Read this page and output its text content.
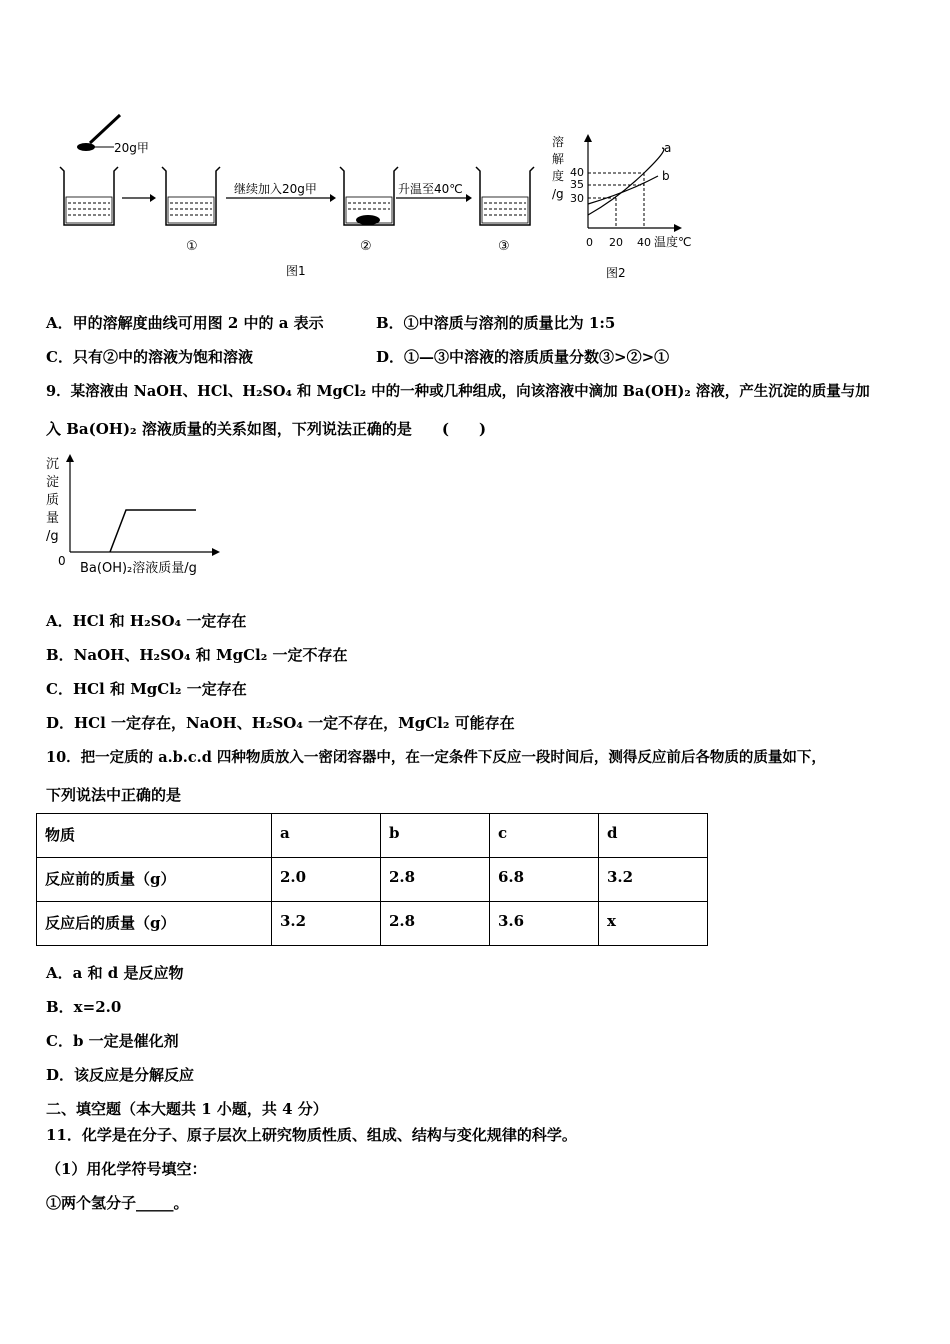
20g甲
①
继续加入20g甲
②
升温至40℃
③
图1
溶
解
度
/g
40
35
30
a
b
0 20 40 温度℃
图2
A．甲的溶解度曲线可用图 2 中的 a 表示	B．①中溶质与溶剂的质量比为 1:5
C．只有②中的溶液为饱和溶液	D．①—③中溶液的溶质质量分数③>②>①
9．某溶液由 NaOH、HCl、H₂SO₄ 和 MgCl₂ 中的一种或几种组成，向该溶液中滴加 Ba(OH)₂ 溶液，产生沉淀的质量与加
入 Ba(OH)₂ 溶液质量的关系如图，下列说法正确的是　　(　　)
沉
淀
质
量
/g
0 Ba(OH)₂溶液质量/g
A．HCl 和 H₂SO₄ 一定存在
B．NaOH、H₂SO₄ 和 MgCl₂ 一定不存在
C．HCl 和 MgCl₂ 一定存在
D．HCl 一定存在，NaOH、H₂SO₄ 一定不存在，MgCl₂ 可能存在
10．把一定质的 a.b.c.d 四种物质放入一密闭容器中，在一定条件下反应一段时间后，测得反应前后各物质的质量如下，
下列说法中正确的是
物质	a	b	c	d
反应前的质量（g）	2.0	2.8	6.8	3.2
反应后的质量（g）	3.2	2.8	3.6	x
A．a 和 d 是反应物
B．x=2.0
C．b 一定是催化剂
D．该反应是分解反应
二、填空题（本大题共 1 小题，共 4 分）
11．化学是在分子、原子层次上研究物质性质、组成、结构与变化规律的科学。
（1）用化学符号填空：
①两个氢分子_____。
